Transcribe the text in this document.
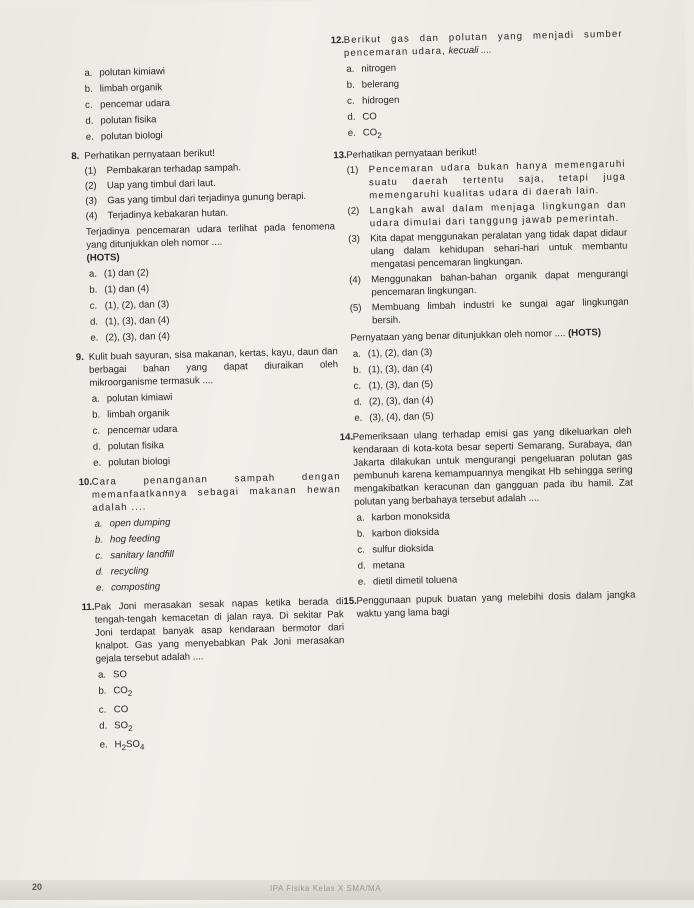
a. polutan kimiawi
b. limbah organik
c. pencemar udara
d. polutan fisika
e. polutan biologi
8. Perhatikan pernyataan berikut!
(1)	Pembakaran terhadap sampah.
(2)	Uap yang timbul dari laut.
(3)	Gas yang timbul dari terjadinya gunung berapi.
(4)	Terjadinya kebakaran hutan.
Terjadinya pencemaran udara terlihat pada fenomena yang ditunjukkan oleh nomor ....
(HOTS)
a. (1) dan (2)
b. (1) dan (4)
c. (1), (2), dan (3)
d. (1), (3), dan (4)
e. (2), (3), dan (4)
9. Kulit buah sayuran, sisa makanan, kertas, kayu, daun dan berbagai bahan yang dapat diuraikan oleh mikroorganisme termasuk ....
a. polutan kimiawi
b. limbah organik
c. pencemar udara
d. polutan fisika
e. polutan biologi
10. Cara penanganan sampah dengan memanfaatkannya sebagai makanan hewan adalah ....
a. open dumping
b. hog feeding
c. sanitary landfill
d. recycling
e. composting
11. Pak Joni merasakan sesak napas ketika berada di tengah-tengah kemacetan di jalan raya. Di sekitar Pak Joni terdapat banyak asap kendaraan bermotor dari knalpot. Gas yang menyebabkan Pak Joni merasakan gejala tersebut adalah ....
a. SO
b. $CO_2$
c. CO
d. $SO_2$
e. $H_2SO_4$
12. Berikut gas dan polutan yang menjadi sumber pencemaran udara, kecuali ....
a. nitrogen
b. belerang
c. hidrogen
d. CO
e. $CO_2$
13. Perhatikan pernyataan berikut!
(1)	Pencemaran udara bukan hanya memengaruhi suatu daerah tertentu saja, tetapi juga memengaruhi kualitas udara di daerah lain.
(2)	Langkah awal dalam menjaga lingkungan dan udara dimulai dari tanggung jawab pemerintah.
(3)	Kita dapat menggunakan peralatan yang tidak dapat didaur ulang dalam kehidupan sehari-hari untuk membantu mengatasi pencemaran lingkungan.
(4)	Menggunakan bahan-bahan organik dapat mengurangi pencemaran lingkungan.
(5)	Membuang limbah industri ke sungai agar lingkungan bersih.
Pernyataan yang benar ditunjukkan oleh nomor .... (HOTS)
a. (1), (2), dan (3)
b. (1), (3), dan (4)
c. (1), (3), dan (5)
d. (2), (3), dan (4)
e. (3), (4), dan (5)
14. Pemeriksaan ulang terhadap emisi gas yang dikeluarkan oleh kendaraan di kota-kota besar seperti Semarang, Surabaya, dan Jakarta dilakukan untuk mengurangi pengeluaran polutan gas pembunuh karena kemampuannya mengikat Hb sehingga sering mengakibatkan keracunan dan gangguan pada ibu hamil. Zat polutan yang berbahaya tersebut adalah ....
a. karbon monoksida
b. karbon dioksida
c. sulfur dioksida
d. metana
e. dietil dimetil toluena
15. Penggunaan pupuk buatan yang melebihi dosis dalam jangka waktu yang lama bagi
20	IPA Fisika Kelas X SMA/MA
